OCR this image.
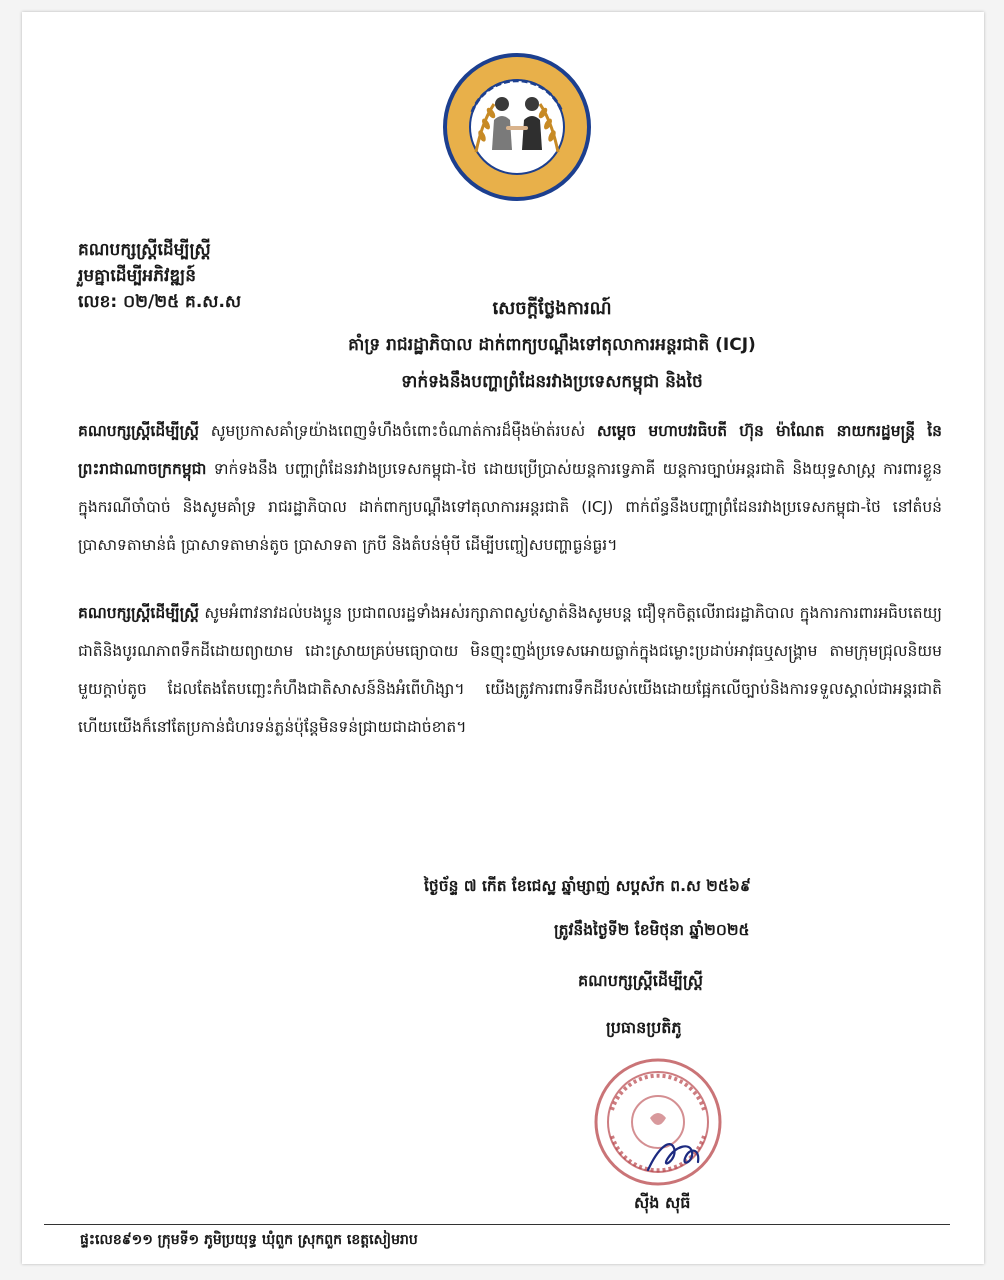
គណបក្សស្ត្រីដើម្បីស្ត្រី
រួមគ្នាដើម្បីអភិវឌ្ឍន៍
លេខ: ០២/២៥ គ.ស.ស	សេចក្តីថ្លែងការណ៍
គាំទ្រ រាជរដ្ឋាភិបាល ដាក់ពាក្យបណ្តឹងទៅតុលាការអន្តរជាតិ (ICJ)
ទាក់ទងនឹងបញ្ហាព្រំដែនរវាងប្រទេសកម្ពុជា និងថៃ

គណបក្សស្ត្រីដើម្បីស្ត្រី សូមប្រកាសគាំទ្រយ៉ាងពេញទំហឹងចំពោះចំណាត់ការដ៏ម៉ឺងម៉ាត់របស់ សម្តេច មហាបវរធិបតី ហ៊ុន ម៉ាណែត នាយករដ្ឋមន្ត្រី នៃព្រះរាជាណាចក្រកម្ពុជា ទាក់ទងនឹង បញ្ហាព្រំដែនរវាងប្រទេសកម្ពុជា-ថៃ ដោយប្រើប្រាស់យន្តការទ្វេភាគី យន្តការច្បាប់អន្តរជាតិ និងយុទ្ធសាស្ត្រ ការពារខ្លួនក្នុងករណីចាំបាច់ និងសូមគាំទ្រ រាជរដ្ឋាភិបាល ដាក់ពាក្យបណ្តឹងទៅតុលាការអន្តរជាតិ (ICJ) ពាក់ព័ន្ធនឹងបញ្ហាព្រំដែនរវាងប្រទេសកម្ពុជា-ថៃ នៅតំបន់ប្រាសាទតាមាន់ធំ ប្រាសាទតាមាន់តូច ប្រាសាទតា ក្របី និងតំបន់មុំបី ដើម្បីបញ្ចៀសបញ្ហាធ្ងន់ធ្ងរ។

គណបក្សស្ត្រីដើម្បីស្ត្រី សូមអំពាវនាវដល់បងប្អូន ប្រជាពលរដ្ឋទាំងអស់រក្សាភាពស្ងប់ស្ងាត់និងសូមបន្ត ជឿទុកចិត្តលើរាជរដ្ឋាភិបាល ក្នុងការការពារអធិបតេយ្យជាតិនិងបូរណភាពទឹកដីដោយព្យាយាម ដោះស្រាយគ្រប់មធ្យោបាយ មិនញុះញង់ប្រទេសអោយធ្លាក់ក្នុងជម្លោះប្រដាប់អាវុធឬសង្គ្រាម តាមក្រុមជ្រុលនិយមមួយក្តាប់តូច ដែលតែងតែបញ្ឆេះកំហឹងជាតិសាសន៍និងអំពើហិង្សា។ យើងត្រូវការពារទឹកដីរបស់យើងដោយផ្អែកលើច្បាប់និងការទទួលស្គាល់ជាអន្តរជាតិហើយយើងក៏នៅតែប្រកាន់ជំហរទន់ភ្លន់ប៉ុន្តែមិនទន់ជ្រាយជាដាច់ខាត។

ថ្ងៃច័ន្ទ ៧ កើត ខែជេស្ឋ ឆ្នាំម្សាញ់ សប្តស័ក ព.ស ២៥៦៩
ត្រូវនឹងថ្ងៃទី២ ខែមិថុនា ឆ្នាំ២០២៥
គណបក្សស្ត្រីដើម្បីស្ត្រី
ប្រធានប្រតិភូ
ស៊ីង សុធី
ផ្ទះលេខ៩១១ ក្រុមទី១ ភូមិប្រយុទ្ធ ឃុំពួក ស្រុកពួក ខេត្តសៀមរាប
